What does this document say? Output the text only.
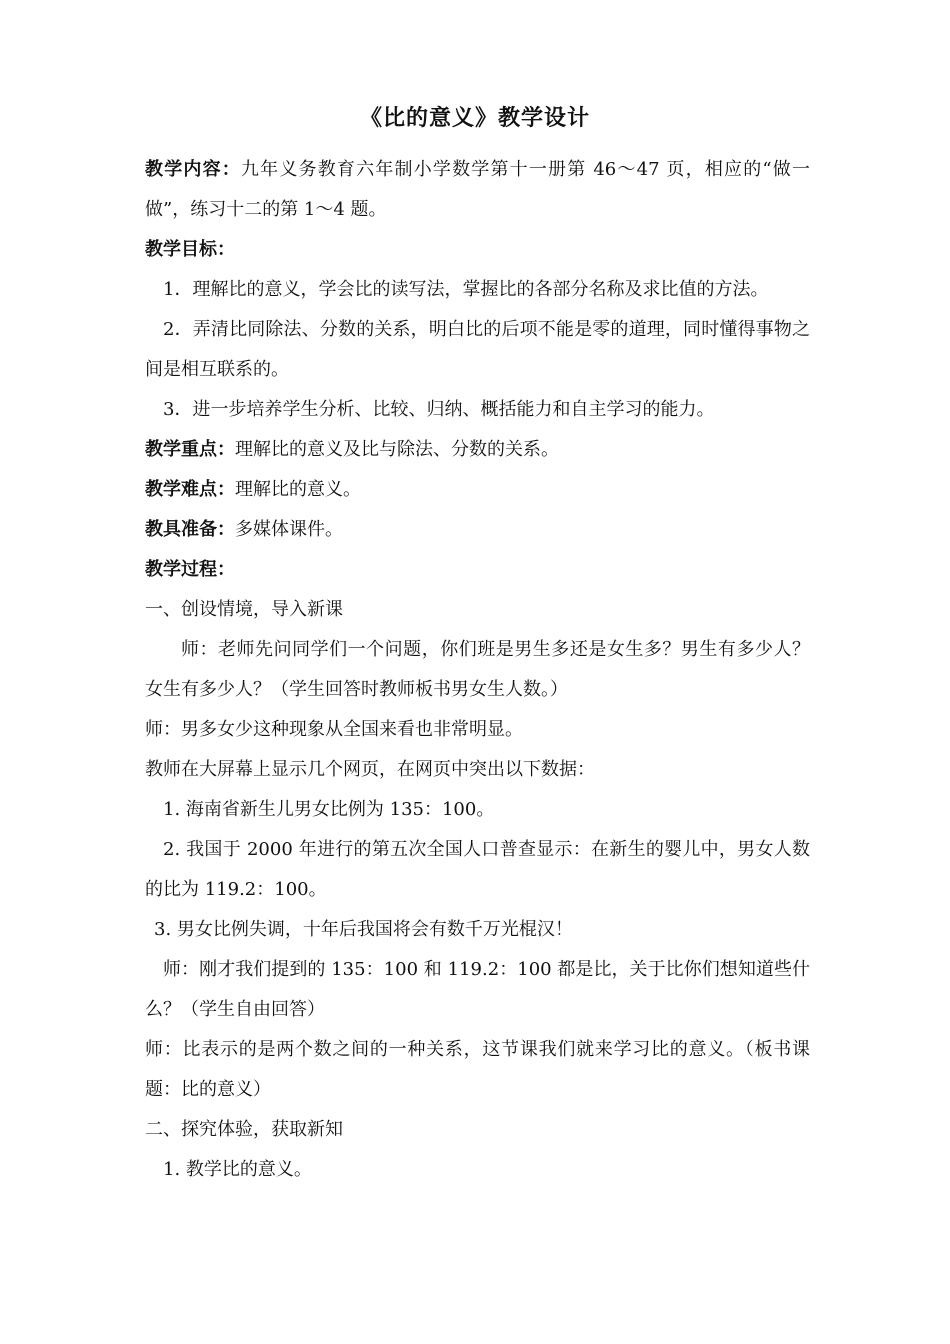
《比的意义》教学设计

教学内容：九年义务教育六年制小学数学第十一册第 46～47 页，相应的“做一做”，练习十二的第 1～4 题。

教学目标：

1．理解比的意义，学会比的读写法，掌握比的各部分名称及求比值的方法。

2．弄清比同除法、分数的关系，明白比的后项不能是零的道理，同时懂得事物之间是相互联系的。

3．进一步培养学生分析、比较、归纳、概括能力和自主学习的能力。

教学重点：理解比的意义及比与除法、分数的关系。

教学难点：理解比的意义。

教具准备：多媒体课件。

教学过程：

一、创设情境，导入新课

师：老师先问同学们一个问题，你们班是男生多还是女生多？男生有多少人？女生有多少人？（学生回答时教师板书男女生人数。）

师：男多女少这种现象从全国来看也非常明显。

教师在大屏幕上显示几个网页，在网页中突出以下数据：

1. 海南省新生儿男女比例为 135：100。

2. 我国于 2000 年进行的第五次全国人口普查显示：在新生的婴儿中，男女人数的比为 119.2：100。

3. 男女比例失调，十年后我国将会有数千万光棍汉！

师：刚才我们提到的 135：100 和 119.2：100 都是比，关于比你们想知道些什么？（学生自由回答）

师：比表示的是两个数之间的一种关系，这节课我们就来学习比的意义。（板书课题：比的意义）

二、探究体验，获取新知

1. 教学比的意义。
